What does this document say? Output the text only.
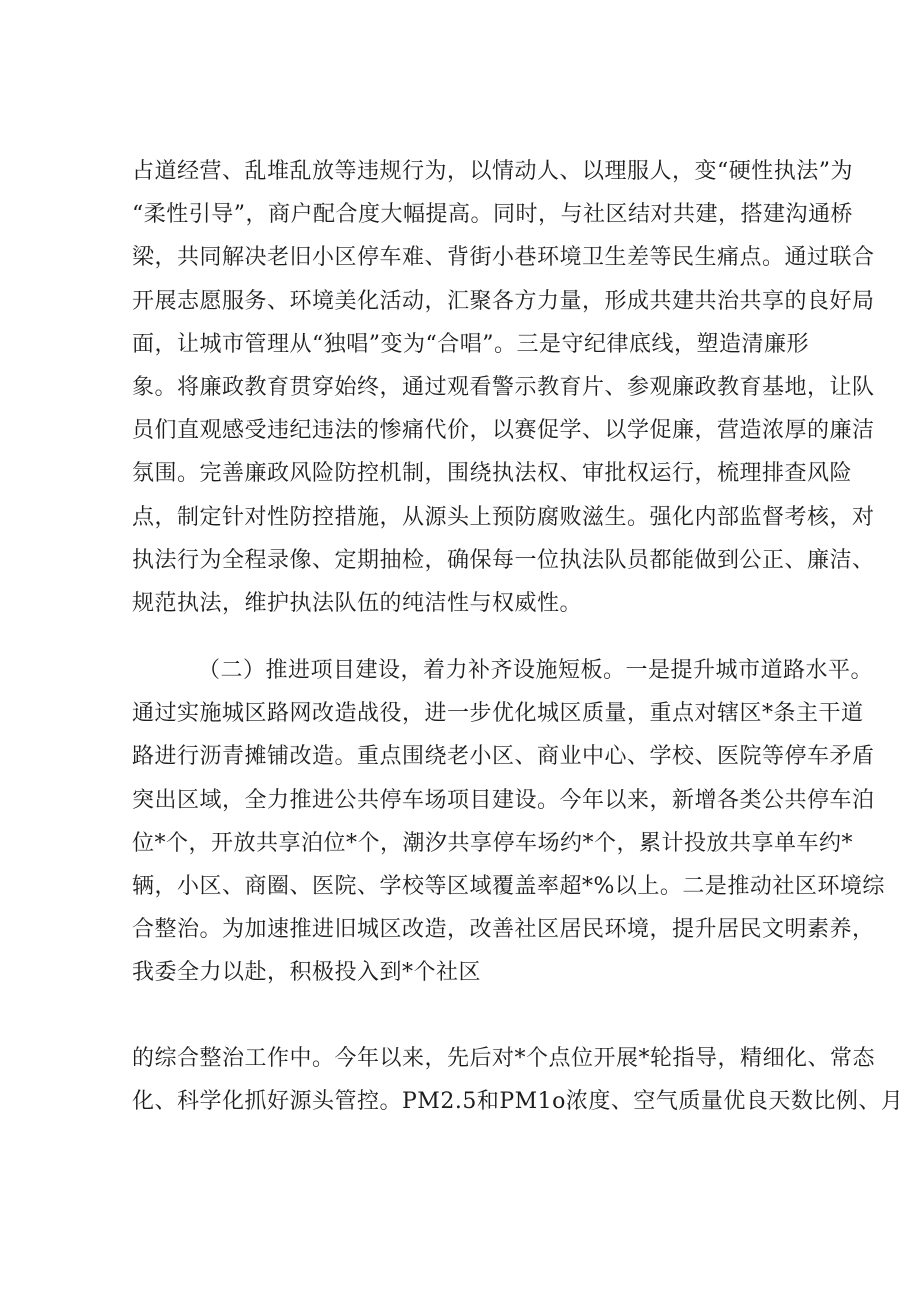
占道经营、乱堆乱放等违规行为，以情动人、以理服人，变“硬性执法”为
“柔性引导”，商户配合度大幅提高。同时，与社区结对共建，搭建沟通桥
梁，共同解决老旧小区停车难、背街小巷环境卫生差等民生痛点。通过联合
开展志愿服务、环境美化活动，汇聚各方力量，形成共建共治共享的良好局
面，让城市管理从“独唱”变为“合唱”。三是守纪律底线，塑造清廉形
象。将廉政教育贯穿始终，通过观看警示教育片、参观廉政教育基地，让队
员们直观感受违纪违法的惨痛代价，以赛促学、以学促廉，营造浓厚的廉洁
氛围。完善廉政风险防控机制，围绕执法权、审批权运行，梳理排查风险
点，制定针对性防控措施，从源头上预防腐败滋生。强化内部监督考核，对
执法行为全程录像、定期抽检，确保每一位执法队员都能做到公正、廉洁、
规范执法，维护执法队伍的纯洁性与权威性。
（二）推进项目建设，着力补齐设施短板。一是提升城市道路水平。
通过实施城区路网改造战役，进一步优化城区质量，重点对辖区*条主干道
路进行沥青摊铺改造。重点围绕老小区、商业中心、学校、医院等停车矛盾
突出区域，全力推进公共停车场项目建设。今年以来，新增各类公共停车泊
位*个，开放共享泊位*个，潮汐共享停车场约*个，累计投放共享单车约*
辆，小区、商圈、医院、学校等区域覆盖率超*%以上。二是推动社区环境综
合整治。为加速推进旧城区改造，改善社区居民环境，提升居民文明素养，
我委全力以赴，积极投入到*个社区
的综合整治工作中。今年以来，先后对*个点位开展*轮指导，精细化、常态
化、科学化抓好源头管控。PM2.5和PM1o浓度、空气质量优良天数比例、月
